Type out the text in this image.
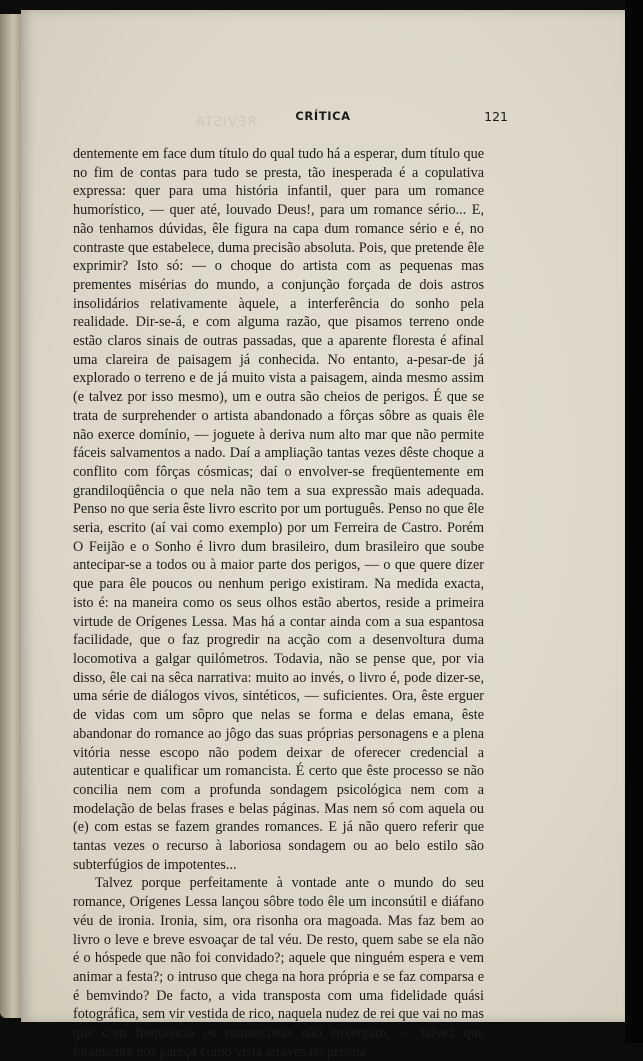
REVISTA	CRÍTICA	121

dentemente em face dum título do qual tudo há a esperar, dum título que no fim de contas para tudo se presta, tão inesperada é a copulativa expressa: quer para uma história infantil, quer para um romance humorístico, — quer até, louvado Deus!, para um romance sério... E, não tenhamos dúvidas, êle figura na capa dum romance sério e é, no contraste que estabelece, duma precisão absoluta. Pois, que pretende êle exprimir? Isto só: — o choque do artista com as pequenas mas prementes misérias do mundo, a conjunção forçada de dois astros insolidários relativamente àquele, a interferência do sonho pela realidade. Dir-se-á, e com alguma razão, que pisamos terreno onde estão claros sinais de outras passadas, que a aparente floresta é afinal uma clareira de paisagem já conhecida. No entanto, a-pesar-de já explorado o terreno e de já muito vista a paisagem, ainda mesmo assim (e talvez por isso mesmo), um e outra são cheios de perigos. É que se trata de surprehender o artista abandonado a fôrças sôbre as quais êle não exerce domínio, — joguete à deriva num alto mar que não permite fáceis salvamentos a nado. Daí a ampliação tantas vezes dêste choque a conflito com fôrças cósmicas; daí o envolver-se freqüentemente em grandiloqüência o que nela não tem a sua expressão mais adequada. Penso no que seria êste livro escrito por um português. Penso no que êle seria, escrito (aí vai como exemplo) por um Ferreira de Castro. Porém O Feijão e o Sonho é livro dum brasileiro, dum brasileiro que soube antecipar-se a todos ou à maior parte dos perigos, — o que quere dizer que para êle poucos ou nenhum perigo existiram. Na medida exacta, isto é: na maneira como os seus olhos estão abertos, reside a primeira virtude de Orígenes Lessa. Mas há a contar ainda com a sua espantosa facilidade, que o faz progredir na acção com a desenvoltura duma locomotiva a galgar quilómetros. Todavia, não se pense que, por via disso, êle cai na sêca narrativa: muito ao invés, o livro é, pode dizer-se, uma série de diálogos vivos, sintéticos, — suficientes. Ora, êste erguer de vidas com um sôpro que nelas se forma e delas emana, êste abandonar do romance ao jôgo das suas próprias personagens e a plena vitória nesse escopo não podem deixar de oferecer credencial a autenticar e qualificar um romancista. É certo que êste processo se não concilia nem com a profunda sondagem psicológica nem com a modelação de belas frases e belas páginas. Mas nem só com aquela ou (e) com estas se fazem grandes romances. E já não quero referir que tantas vezes o recurso à laboriosa sondagem ou ao belo estilo são subterfúgios de impotentes...

Talvez porque perfeitamente à vontade ante o mundo do seu romance, Orígenes Lessa lançou sôbre todo êle um inconsútil e diáfano véu de ironia. Ironia, sim, ora risonha ora magoada. Mas faz bem ao livro o leve e breve esvoaçar de tal véu. De resto, quem sabe se ela não é o hóspede que não foi convidado?; aquele que ninguém espera e vem animar a festa?; o intruso que chega na hora própria e se faz comparsa e é bemvindo? De facto, a vida transposta com uma fidelidade quási fotográfica, sem vir vestida de rico, naquela nudez de rei que vai no mas que com freqüência os romancistas não enxergam, — talvez que fatalmente nos pareça como vista através do prisma
